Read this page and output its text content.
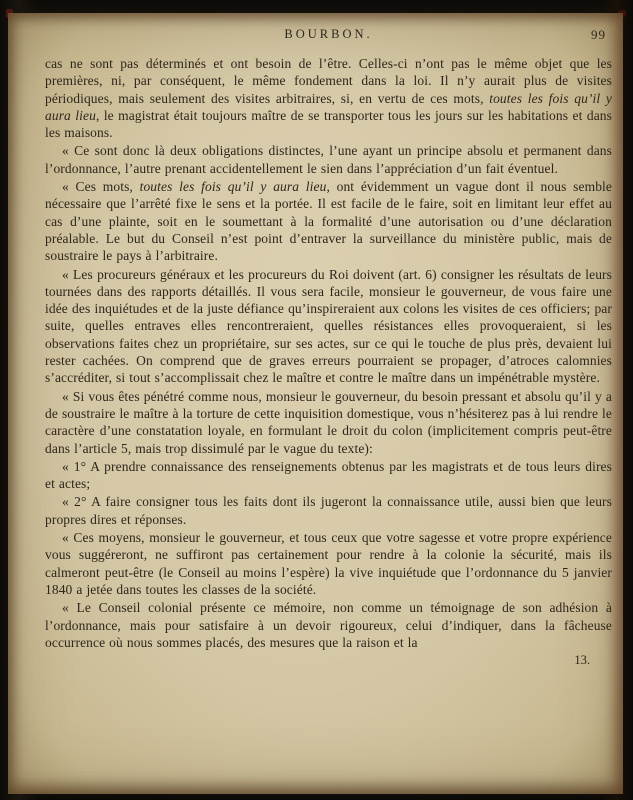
BOURBON.	99

cas ne sont pas déterminés et ont besoin de l’être. Celles-ci n’ont pas le même objet que les premières, ni, par conséquent, le même fondement dans la loi. Il n’y aurait plus de visites périodiques, mais seulement des visites arbitraires, si, en vertu de ces mots, toutes les fois qu’il y aura lieu, le magistrat était toujours maître de se transporter tous les jours sur les habitations et dans les maisons.

« Ce sont donc là deux obligations distinctes, l’une ayant un principe absolu et permanent dans l’ordonnance, l’autre prenant accidentellement le sien dans l’appréciation d’un fait éventuel.

« Ces mots, toutes les fois qu’il y aura lieu, ont évidemment un vague dont il nous semble nécessaire que l’arrêté fixe le sens et la portée. Il est facile de le faire, soit en limitant leur effet au cas d’une plainte, soit en le soumettant à la formalité d’une autorisation ou d’une déclaration préalable. Le but du Conseil n’est point d’entraver la surveillance du ministère public, mais de soustraire le pays à l’arbitraire.

« Les procureurs généraux et les procureurs du Roi doivent (art. 6) consigner les résultats de leurs tournées dans des rapports détaillés. Il vous sera facile, monsieur le gouverneur, de vous faire une idée des inquiétudes et de la juste défiance qu’inspireraient aux colons les visites de ces officiers; par suite, quelles entraves elles rencontreraient, quelles résistances elles provoqueraient, si les observations faites chez un propriétaire, sur ses actes, sur ce qui le touche de plus près, devaient lui rester cachées. On comprend que de graves erreurs pourraient se propager, d’atroces calomnies s’accréditer, si tout s’accomplissait chez le maître et contre le maître dans un impénétrable mystère.

« Si vous êtes pénétré comme nous, monsieur le gouverneur, du besoin pressant et absolu qu’il y a de soustraire le maître à la torture de cette inquisition domestique, vous n’hésiterez pas à lui rendre le caractère d’une constatation loyale, en formulant le droit du colon (implicitement compris peut-être dans l’article 5, mais trop dissimulé par le vague du texte):

« 1° A prendre connaissance des renseignements obtenus par les magistrats et de tous leurs dires et actes;

« 2° A faire consigner tous les faits dont ils jugeront la connaissance utile, aussi bien que leurs propres dires et réponses.

« Ces moyens, monsieur le gouverneur, et tous ceux que votre sagesse et votre propre expérience vous suggéreront, ne suffiront pas certainement pour rendre à la colonie la sécurité, mais ils calmeront peut-être (le Conseil au moins l’espère) la vive inquiétude que l’ordonnance du 5 janvier 1840 a jetée dans toutes les classes de la société.

« Le Conseil colonial présente ce mémoire, non comme un témoignage de son adhésion à l’ordonnance, mais pour satisfaire à un devoir rigoureux, celui d’indiquer, dans la fâcheuse occurrence où nous sommes placés, des mesures que la raison et la

13.
